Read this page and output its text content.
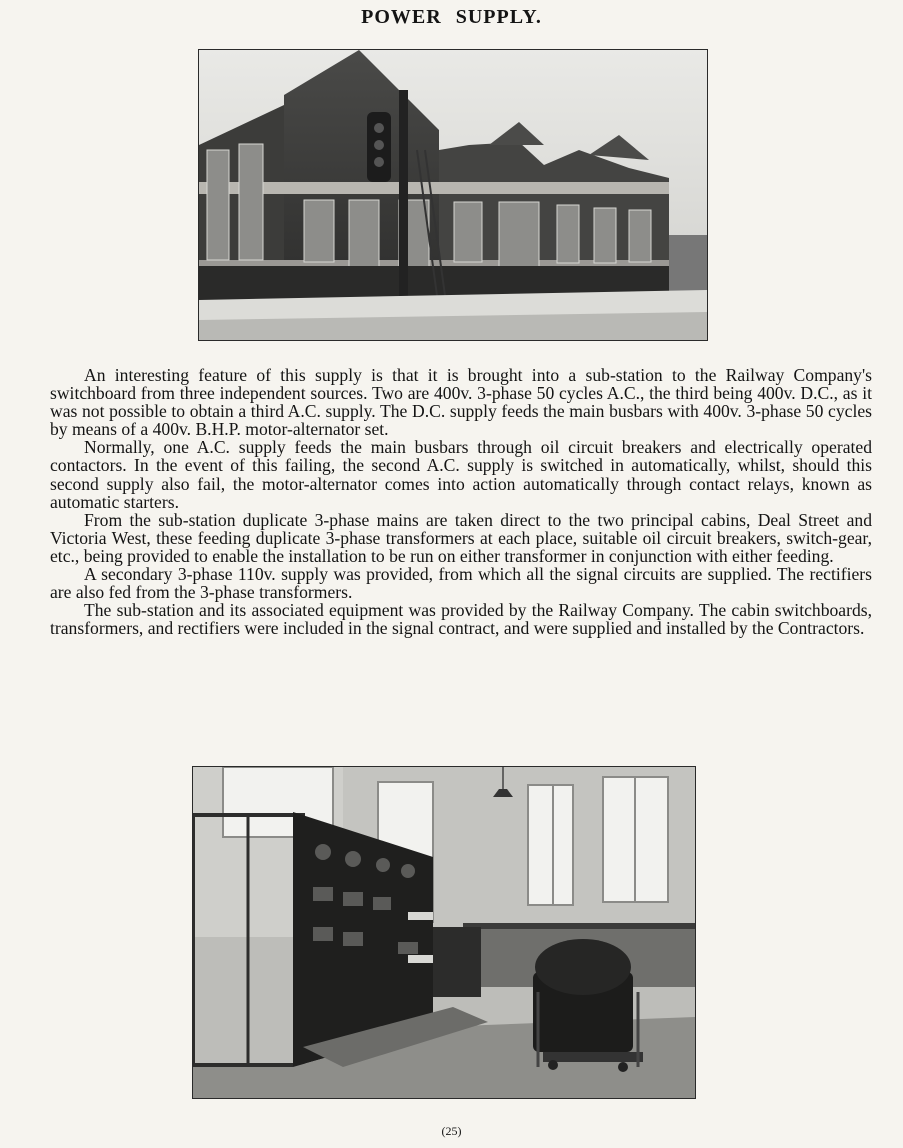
POWER SUPPLY.

An interesting feature of this supply is that it is brought into a sub-station to the Railway Company's switchboard from three independent sources. Two are 400v. 3-phase 50 cycles A.C., the third being 400v. D.C., as it was not possible to obtain a third A.C. supply. The D.C. supply feeds the main busbars with 400v. 3-phase 50 cycles by means of a 400v. B.H.P. motor-alternator set.

Normally, one A.C. supply feeds the main busbars through oil circuit breakers and electrically operated contactors. In the event of this failing, the second A.C. supply is switched in automatically, whilst, should this second supply also fail, the motor-alternator comes into action automatically through contact relays, known as automatic starters.

From the sub-station duplicate 3-phase mains are taken direct to the two principal cabins, Deal Street and Victoria West, these feeding duplicate 3-phase transformers at each place, suitable oil circuit breakers, switch-gear, etc., being provided to enable the installation to be run on either transformer in conjunction with either feeding.

A secondary 3-phase 110v. supply was provided, from which all the signal circuits are supplied. The rectifiers are also fed from the 3-phase transformers.

The sub-station and its associated equipment was provided by the Railway Company. The cabin switchboards, transformers, and rectifiers were included in the signal contract, and were supplied and installed by the Contractors.

(25)
